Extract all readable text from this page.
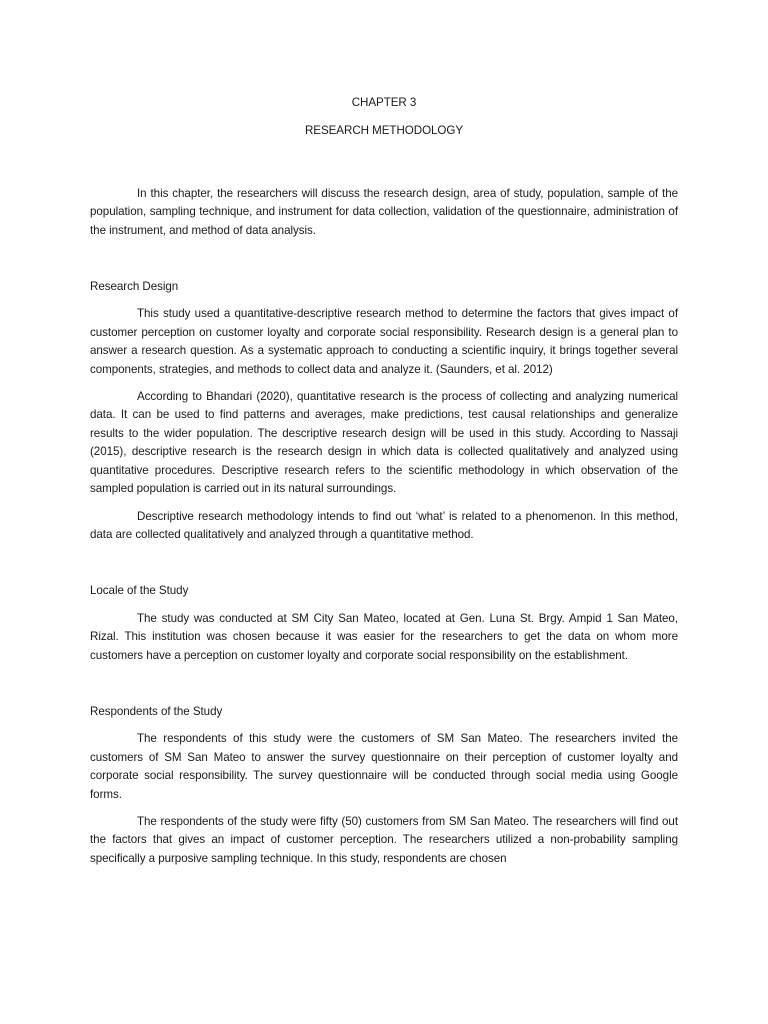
CHAPTER 3

RESEARCH METHODOLOGY

In this chapter, the researchers will discuss the research design, area of study, population, sample of the population, sampling technique, and instrument for data collection, validation of the questionnaire, administration of the instrument, and method of data analysis.

Research Design

This study used a quantitative-descriptive research method to determine the factors that gives impact of customer perception on customer loyalty and corporate social responsibility. Research design is a general plan to answer a research question. As a systematic approach to conducting a scientific inquiry, it brings together several components, strategies, and methods to collect data and analyze it. (Saunders, et al. 2012)

According to Bhandari (2020), quantitative research is the process of collecting and analyzing numerical data. It can be used to find patterns and averages, make predictions, test causal relationships and generalize results to the wider population. The descriptive research design will be used in this study. According to Nassaji (2015), descriptive research is the research design in which data is collected qualitatively and analyzed using quantitative procedures. Descriptive research refers to the scientific methodology in which observation of the sampled population is carried out in its natural surroundings.

Descriptive research methodology intends to find out ‘what’ is related to a phenomenon. In this method, data are collected qualitatively and analyzed through a quantitative method.

Locale of the Study

The study was conducted at SM City San Mateo, located at Gen. Luna St. Brgy. Ampid 1 San Mateo, Rizal. This institution was chosen because it was easier for the researchers to get the data on whom more customers have a perception on customer loyalty and corporate social responsibility on the establishment.

Respondents of the Study

The respondents of this study were the customers of SM San Mateo. The researchers invited the customers of SM San Mateo to answer the survey questionnaire on their perception of customer loyalty and corporate social responsibility. The survey questionnaire will be conducted through social media using Google forms.

The respondents of the study were fifty (50) customers from SM San Mateo. The researchers will find out the factors that gives an impact of customer perception. The researchers utilized a non-probability sampling specifically a purposive sampling technique. In this study, respondents are chosen
